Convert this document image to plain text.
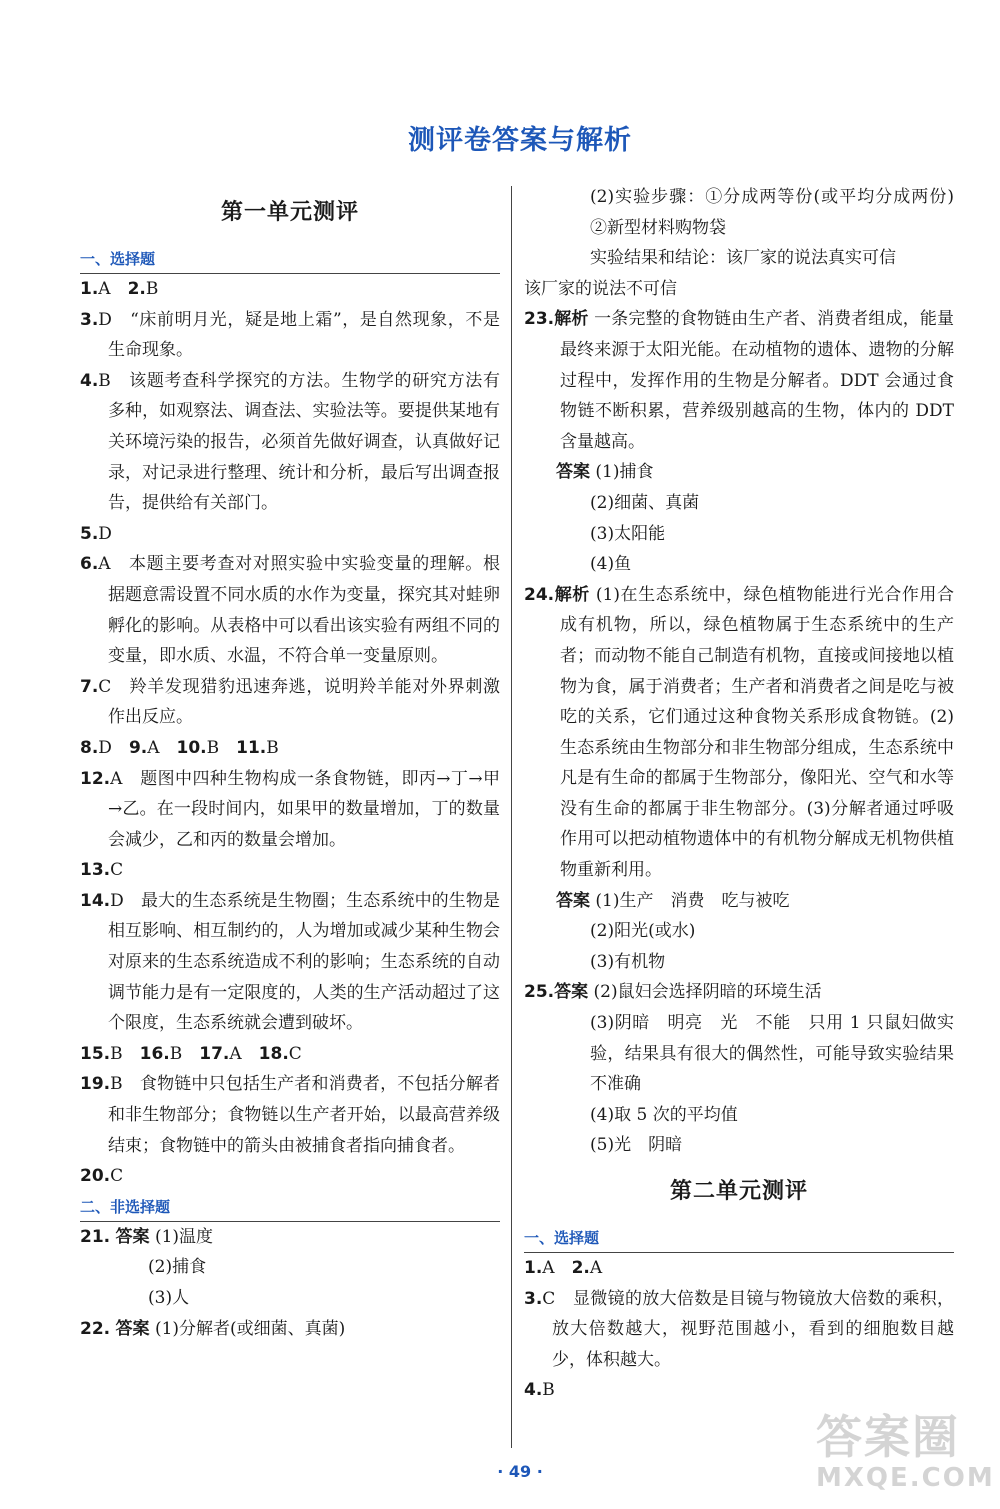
测评卷答案与解析
第一单元测评
一、选择题

1.A　2.B

3.D　“床前明月光，疑是地上霜”，是自然现象，不是生命现象。

4.B　该题考查科学探究的方法。生物学的研究方法有多种，如观察法、调查法、实验法等。要提供某地有关环境污染的报告，必须首先做好调查，认真做好记录，对记录进行整理、统计和分析，最后写出调查报告，提供给有关部门。

5.D

6.A　本题主要考查对对照实验中实验变量的理解。根据题意需设置不同水质的水作为变量，探究其对蛙卵孵化的影响。从表格中可以看出该实验有两组不同的变量，即水质、水温，不符合单一变量原则。

7.C　羚羊发现猎豹迅速奔逃，说明羚羊能对外界刺激作出反应。

8.D　9.A　10.B　11.B

12.A　题图中四种生物构成一条食物链，即丙→丁→甲→乙。在一段时间内，如果甲的数量增加，丁的数量会减少，乙和丙的数量会增加。

13.C

14.D　最大的生态系统是生物圈；生态系统中的生物是相互影响、相互制约的，人为增加或减少某种生物会对原来的生态系统造成不利的影响；生态系统的自动调节能力是有一定限度的，人类的生产活动超过了这个限度，生态系统就会遭到破坏。

15.B　16.B　17.A　18.C

19.B　食物链中只包括生产者和消费者，不包括分解者和非生物部分；食物链以生产者开始，以最高营养级结束；食物链中的箭头由被捕食者指向捕食者。

20.C

二、非选择题

21. 答案 (1)温度

(2)捕食

(3)人

22. 答案 (1)分解者(或细菌、真菌)

(2)实验步骤：①分成两等份(或平均分成两份)　②新型材料购物袋

实验结果和结论：该厂家的说法真实可信

该厂家的说法不可信

23.解析 一条完整的食物链由生产者、消费者组成，能量最终来源于太阳光能。在动植物的遗体、遗物的分解过程中，发挥作用的生物是分解者。DDT 会通过食物链不断积累，营养级别越高的生物，体内的 DDT 含量越高。

答案 (1)捕食

(2)细菌、真菌

(3)太阳能

(4)鱼

24.解析 (1)在生态系统中，绿色植物能进行光合作用合成有机物，所以，绿色植物属于生态系统中的生产者；而动物不能自己制造有机物，直接或间接地以植物为食，属于消费者；生产者和消费者之间是吃与被吃的关系，它们通过这种食物关系形成食物链。(2)生态系统由生物部分和非生物部分组成，生态系统中凡是有生命的都属于生物部分，像阳光、空气和水等没有生命的都属于非生物部分。(3)分解者通过呼吸作用可以把动植物遗体中的有机物分解成无机物供植物重新利用。

答案 (1)生产　消费　吃与被吃

(2)阳光(或水)

(3)有机物

25.答案 (2)鼠妇会选择阴暗的环境生活

(3)阴暗　明亮　光　不能　只用 1 只鼠妇做实验，结果具有很大的偶然性，可能导致实验结果不准确

(4)取 5 次的平均值

(5)光　阴暗

第二单元测评
一、选择题

1.A　2.A

3.C　显微镜的放大倍数是目镜与物镜放大倍数的乘积，放大倍数越大，视野范围越小，看到的细胞数目越少，体积越大。

4.B

· 49 ·
答案圈
MXQE.COM
